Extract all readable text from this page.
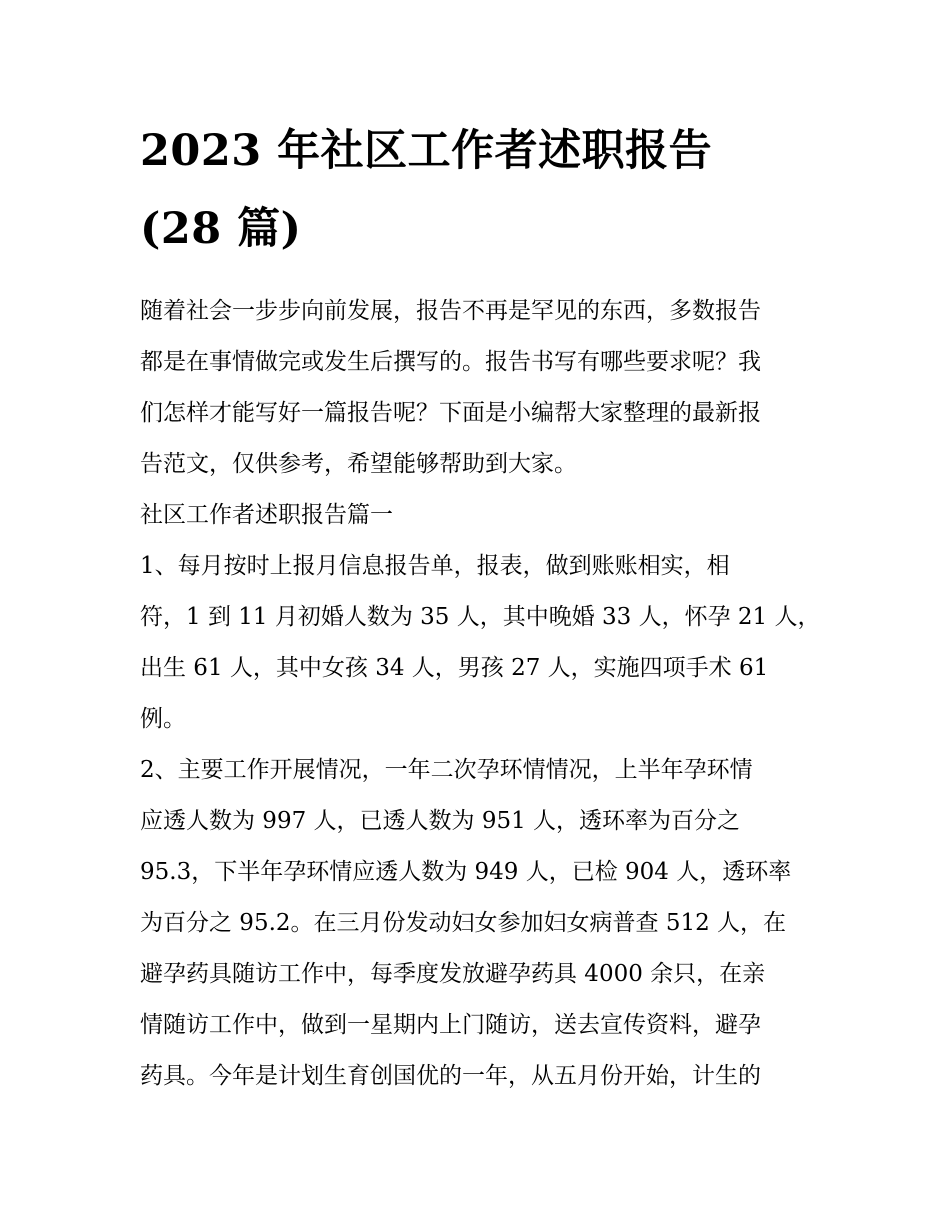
2023 年社区工作者述职报告
(28 篇)

随着社会一步步向前发展，报告不再是罕见的东西，多数报告
都是在事情做完或发生后撰写的。报告书写有哪些要求呢？我
们怎样才能写好一篇报告呢？下面是小编帮大家整理的最新报
告范文，仅供参考，希望能够帮助到大家。

社区工作者述职报告篇一

1、每月按时上报月信息报告单，报表，做到账账相实，相
符，1 到 11 月初婚人数为 35 人，其中晚婚 33 人，怀孕 21 人，
出生 61 人，其中女孩 34 人，男孩 27 人，实施四项手术 61
例。

2、主要工作开展情况，一年二次孕环情情况，上半年孕环情
应透人数为 997 人，已透人数为 951 人，透环率为百分之
95.3，下半年孕环情应透人数为 949 人，已检 904 人，透环率
为百分之 95.2。在三月份发动妇女参加妇女病普查 512 人，在
避孕药具随访工作中，每季度发放避孕药具 4000 余只，在亲
情随访工作中，做到一星期内上门随访，送去宣传资料，避孕
药具。今年是计划生育创国优的一年，从五月份开始，计生的
